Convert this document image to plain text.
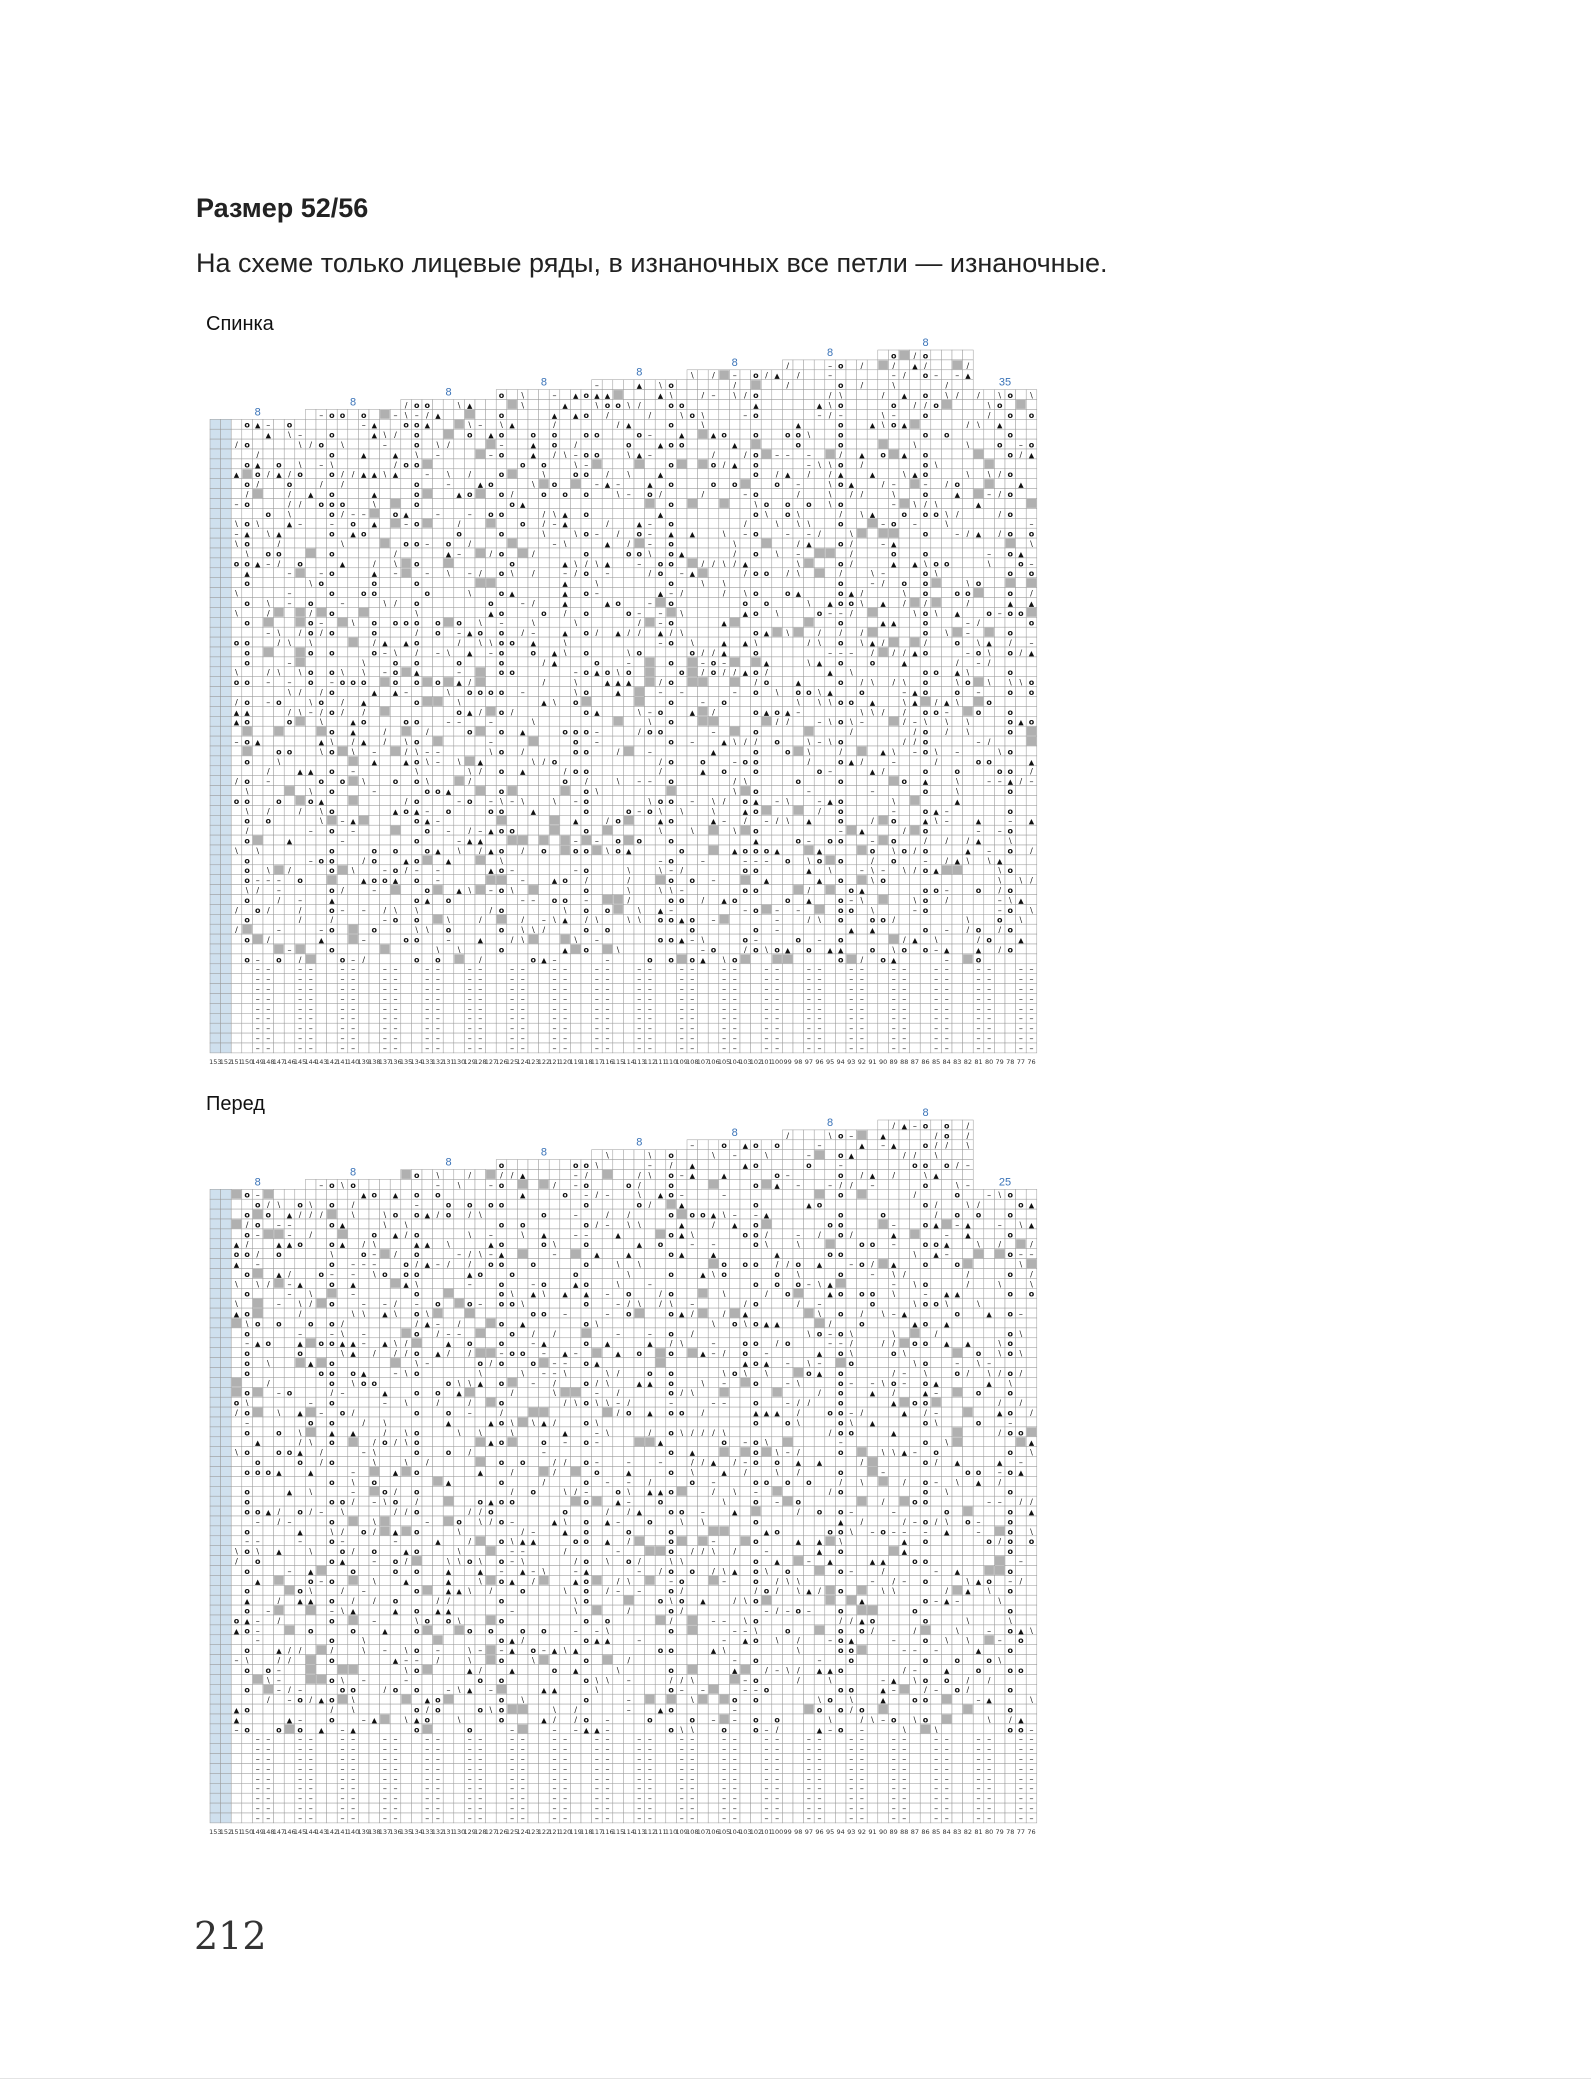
Размер 52/56
На схеме только лицевые ряды, в изнаночных все петли — изнаночные.
Спинка
153
152
/
▲
–
\
–
\
o
\
\
o
\
o
/
▲
▲
–
/
o
\
/
/
151
o
o
o
o
/
o
o
▲
o
\
o
▲
o
o
o
o
o
o
o
o
▲
o
o
o
o
\
o
\
o
/
o
o
o
o
\
o
o
o
o
150
▲
/
▲
o
/
\
▲
▲
\
–
/
o
–
–
–
–
–
–
–
–
–
–
149
–
▲
/
o
\
o
–
\
/
–
/
–
–
/
–
/
o
\
–
/
/
–
–
–
–
–
–
–
–
–
148
o
▲
▲
/
o
/
\
/
\
o
o
\
o
–
–
/
–
o
147
o
\
/
o
/
/
\
▲
–
–
–
\
–
–
\
/
o
o
▲
/
–
146
–
\
\
o
/
–
o
/
\
/
\
▲
/
o
–
/
/
/
–
–
–
–
–
–
–
–
–
145
/
▲
\
o
/
o
o
\
o
o
o
\
–
▲
\
o
–
–
–
–
–
–
–
–
–
–
–
144
–
o
–
/
o
–
o
–
/
/
o
/
\
▲
\
o
▲
\
\
o
–
▲
143
o
o
o
\
o
o
o
o
–
o
o
o
o
o
o
o
o
–
o
o
o
\
o
o
o
o
o
o
o
o
o
▲
o
/
o
o
142
o
\
/
/
o
/
\
▲
–
\
o
/
/
o
–
–
/
–
o
–
–
–
–
–
–
–
–
–
141
/
–
o
▲
\
o
▲
▲
/
\
–
▲
–
\
–
–
–
–
–
–
–
–
–
–
140
o
–
▲
▲
–
o
o
\
\
o
▲
/
o
▲
\
/
▲
–
–
/
139
▲
▲
▲
▲
\
▲
/
▲
o
o
o
o
/
o
▲
–
▲
–
o
o
o
–
o
138
\
–
\
\
▲
–
–
/
/
–
o
/
–
–
–
–
–
–
–
–
–
–
137
–
/
▲
/
▲
o
/
\
–
/
o
\
o
o
o
▲
o
▲
o
o
▲
\
o
–
–
–
–
–
–
–
–
–
136
/
\
o
o
▲
–
o
o
▲
–
o
\
/
▲
/
o
▲
/
o
135
o
–
o
o
o
\
o
o
o
o
o
o
o
o
o
\
o
/
o
/
o
▲
o
o
o
o
\
o
\
o
o
▲
o
o
o
–
o
o
\
o
\
o
o
134
o
/
▲
–
–
–
o
/
–
\
\
o
–
▲
o
o
o
▲
\
–
–
–
–
–
–
–
–
–
133
▲
\
–
–
o
o
–
o
–
–
o
–
▲
–
–
\
o
–
–
–
–
–
–
–
–
–
132
/
\
–
o
▲
\
\
\
–
▲
o
–
▲
o
\
o
–
131
\
▲
/
o
–
o
–
/
o
–
▲
\
o
–
\
–
–
\
▲
\
130
▲
\
o
/
o
–
/
–
\
▲
▲
/
o
▲
o
\
/
o
/
▲
\
–
–
–
–
–
–
–
–
–
129
–
▲
/
\
o
\
o
/
▲
/
–
▲
/
/
▲
/
–
–
–
–
–
–
–
–
–
128
▲
–
o
o
/
o
▲
\
–
o
–
–
\
–
o
▲
▲
▲
–
/
127
o
o
\
o
–
o
o
o
o
o
o
o
o
o
–
o
o
o
o
o
o
o
o
o
o
o
\
o
o
o
\
o
o
o
o
o
126
▲
/
o
o
\
▲
o
o
/
–
o
–
\
/
–
–
–
–
–
–
–
–
–
125
\
\
o
▲
o
–
/
–
▲
/
▲
\
/
–
–
/
\
\
–
–
–
–
–
–
–
–
–
124
o
▲
▲
\
/
/
/
\
–
▲
o
\
\
▲
–
\
o
123
o
\
o
/
/
\
o
/
/
▲
/
o
–
/
▲
122
–
▲
/
o
o
/
o
\
–
–
▲
▲
\
o
\
▲
o
\
–
–
–
–
–
–
–
–
–
–
121
▲
\
o
▲
▲
\
▲
–
▲
▲
▲
/
▲
\
\
o
/
o
o
o
\
▲
▲
–
–
–
–
–
–
–
–
–
120
▲
▲
/
–
\
o
\
\
/
\
–
\
\
o
o
o
o
o
–
▲
–
o
–
\
119
o
o
o
o
–
o
o
o
o
o
/
o
o
o
o
o
o
o
o
o
o
o
/
o
o
o
o
o
o
/
o
–
o
/
o
o
118
–
▲
\
o
o
–
–
\
\
–
/
o
▲
▲
–
–
\
–
\
–
–
–
–
–
–
–
–
–
–
117
▲
o
/
/
▲
/
▲
▲
–
▲
o
▲
/
\
o
o
–
–
–
–
–
–
–
–
–
–
116
o
/
–
\
/
o
▲
\
▲
▲
/
\
o
o
o
\
115
\
▲
o
\
\
–
/
o
o
/
\
–
o
▲
o
▲
\
/
\
/
\
114
▲
/
o
▲
▲
o
o
–
–
/
/
o
\
/
–
–
o
\
\
–
–
–
–
–
–
–
–
–
113
/
–
–
▲
o
–
–
–
\
/
–
–
\
o
–
–
\
o
o
–
–
–
–
–
–
–
–
–
112
\
▲
▲
▲
/
▲
o
o
▲
–
–
▲
–
/
–
o
o
/
/
o
\
▲
\
–
\
\
▲
o
o
111
o
\
o
o
o
o
o
o
o
▲
o
o
o
o
–
o
o
/
o
o
o
o
o
o
o
o
o
o
o
o
–
o
\
o
–
o
o
o
110
o
\
▲
o
▲
–
/
\
\
o
–
\
o
/
–
o
▲
▲
–
–
–
–
–
–
–
–
–
109
\
o
▲
▲
\
o
▲
–
–
\
o
o
o
–
o
–
–
–
–
–
–
–
–
–
108
/
\
\
/
/
\
/
–
/
–
o
▲
–
/
\
–
▲
107
/
–
▲
/
o
o
/
/
o
o
/
–
▲
\
\
▲
–
–
o
106
o
/
\
\
\
/
▲
▲
▲
–
/
o
▲
o
/
–
▲
\
–
–
–
–
–
–
–
–
–
105
–
/
\
▲
▲
o
\
/
/
/
–
\
–
/
\
\
▲
o
o
–
–
–
–
–
–
–
–
–
104
/
–
/
–
/
–
▲
/
\
o
▲
▲
▲
/
o
\
o
▲
/
o
–
o
o
–
o
/
103
o
o
▲
o
o
o
o
o
o
\
o
o
o
o
o
o
o
\
o
o
/
o
o
o
/
o
o
o
o
▲
o
o
▲
o
–
o
o
o
o
–
o
102
/
o
\
o
o
▲
▲
/
o
▲
–
o
–
▲
\
–
–
–
–
–
–
–
–
–
101
▲
–
/
o
\
\
\
\
o
/
o
–
/
▲
–
–
–
o
–
–
–
–
–
–
–
–
–
100
/
/
o
–
▲
o
o
–
/
o
\
▲
/
o
\
\
o
o
▲
99
/
▲
o
o
–
/
\
\
/
–
\
\
▲
▲
o
\
–
o
o
–
o
98
\
–
–
/
o
\
–
▲
\
/
\
o
\
\
/
–
▲
–
\
▲
/
▲
/
o
–
–
–
–
–
–
–
–
–
97
▲
–
\
/
o
/
\
▲
\
\
–
–
o
–
/
▲
o
▲
\
–
–
–
–
–
–
–
–
–
–
96
–
–
/
\
/
\
/
\
\
\
▲
–
–
▲
▲
\
\
\
–
▲
o
\
▲
95
o
o
\
o
–
o
o
o
/
o
▲
o
o
/
o
o
o
/
o
o
o
–
o
/
o
–
o
o
o
o
o
/
o
o
o
o
o
–
o
o
o
o
o
o
o
▲
o
94
▲
/
\
/
/
/
▲
o
/
–
\
o
\
/
▲
o
–
o
▲
–
–
–
–
–
–
–
–
–
93
/
/
▲
/
/
\
/
\
/
\
/
o
\
–
/
▲
–
▲
\
/
–
–
–
–
–
–
–
–
–
92
▲
▲
▲
\
–
▲
/
o
\
▲
\
▲
–
/
–
o
/
\
\
\
o
▲
o
91
/
\
\
o
/
–
–
–
/
▲
▲
/
/
▲
/
–
o
o
o
90
o
/
–
\
o
–
o
–
\
–
o
▲
o
▲
▲
/
/
\
–
\
–
o
o
\
o
/
\
▲
–
–
–
–
–
–
–
–
–
89
/
▲
▲
▲
\
o
o
\
/
/
▲
\
–
\
/
/
/
o
/
o
\
/
o
–
–
–
–
–
–
–
–
–
88
/
▲
/
\
▲
\
–
▲
\
▲
▲
▲
–
/
/
–
/
/
\
–
▲
87
o
/
o
o
/
o
o
o
o
o
–
o
/
o
o
o
\
o
o
o
/
o
o
o
/
o
o
o
o
o
\
o
o
o
o
▲
o
o
▲
o
/
o
–
o
o
o
o
o
o
86
–
o
\
\
o
o
\
\
o
/
o
\
/
▲
\
▲
o
\
–
–
–
–
–
–
–
–
–
–
85
/
\
o
/
\
\
o
\
▲
–
\
/
–
–
/
/
–
/
–
▲
–
–
–
–
–
–
–
–
–
–
84
–
/
o
▲
/
–
o
▲
o
/
▲
\
o
\
–
o
\
\
▲
▲
83
/
▲
/
\
\
/
\
o
/
–
–
–
\
o
\
\
/
▲
\
\
/
82
/
\
▲
▲
o
/
\
o
–
–
o
–
o
▲
–
▲
o
o
/
▲
o
–
–
–
–
–
–
–
–
–
81
\
/
\
–
–
\
o
▲
\
/
\
o
/
o
–
–
\
o
–
–
–
–
–
–
–
–
–
80
\
o
▲
o
/
/
/
/
–
\
o
–
–
▲
\
\
/
–
–
o
/
/
79
o
o
o
o
o
o
o
o
o
o
o
▲
o
o
/
o
o
\
o
o
o
o
o
o
▲
o
o
–
o
\
o
o
o
\
o
o
o
78
–
/
▲
▲
o
o
/
\
▲
/
\
▲
\
▲
–
–
–
–
–
–
–
–
–
77
\
o
o
▲
–
o
\
–
o
/
▲
o
–
▲
o
o
o
▲
/
–
▲
/
/
\
–
–
–
–
–
–
–
–
–
76
8
8
8
8
8
8
8
8
35
Перед
153
152
▲
o
▲
\
\
▲
o
/
\
\
/
o
▲
–
▲
▲
–
151
o
o
/
o
/
o
o
o
o
\
o
–
o
o
o
o
\
o
–
o
o
o
o
o
o
o
–
o
o
o
▲
o
▲
o
o
\
o
o
o
o
150
–
o
o
–
/
–
\
o
▲
▲
o
o
o
–
–
\
o
▲
–
–
–
–
–
–
–
–
–
–
–
–
149
/
o
/
o
\
/
o
▲
–
o
\
/
–
–
–
–
–
–
–
–
–
148
\
–
▲
o
▲
–
o
–
\
o
o
▲
/
/
▲
/
/
▲
/
–
–
–
o
147
▲
–
–
▲
/
–
–
o
o
▲
–
–
/
/
/
–
▲
146
o
/
o
▲
\
/
–
▲
o
▲
\
/
▲
o
o
▲
–
o
▲
/
–
o
–
o
–
–
–
–
–
–
–
–
–
145
\
/
/
\
/
o
▲
–
o
\
▲
\
/
\
▲
o
\
▲
o
/
–
–
–
–
–
–
–
–
–
144
–
/
o
o
o
–
/
/
–
–
▲
▲
143
o
o
o
o
\
o
–
o
o
o
–
o
o
o
o
/
o
o
▲
o
o
o
o
o
\
o
o
o
o
–
o
o
/
o
o
o
/
o
142
\
▲
▲
/
\
▲
\
–
o
o
\
/
–
o
▲
/
\
\
o
–
–
–
–
–
–
–
–
–
–
141
o
/
\
–
–
▲
–
\
▲
▲
o
\
/
▲
–
\
–
/
/
o
/
▲
o
o
\
\
▲
–
–
–
–
–
–
–
–
–
140
▲
/
o
–
–
\
–
–
▲
o
/
–
o
–
\
\
–
–
139
o
o
\
–
–
\
/
o
/
\
\
o
–
\
/
o
–
\
/
–
▲
138
\
\
o
–
▲
▲
▲
–
\
/
o
o
\
▲
–
/
–
–
–
–
–
–
–
–
–
137
▲
o
▲
/
/
\
\
/
–
/
▲
/
o
/
▲
–
o
o
o
▲
▲
o
–
–
–
–
–
–
–
–
–
136
\
/
o
o
▲
/
/
\
\
\
\
\
/
▲
/
▲
\
–
\
–
\
135
o
o
–
o
o
▲
o
/
o
\
o
–
o
/
o
o
\
o
o
o
o
o
o
o
o
/
o
o
o
o
o
o
\
o
o
–
o
o
o
▲
o
134
▲
▲
▲
\
▲
–
/
–
o
▲
/
o
–
–
–
–
–
–
–
–
–
133
\
–
o
/
–
o
–
/
▲
o
/
▲
/
▲
–
/
o
o
–
–
–
–
–
–
–
–
–
132
o
o
\
/
–
▲
/
o
o
▲
o
▲
\
▲
▲
▲
/
▲
o
–
131
\
–
/
–
\
▲
\
o
\
\
\
▲
\
\
\
130
/
o
/
\
/
/
▲
–
o
o
/
\
/
–
/
/
/
o
\
o
\
\
▲
▲
o
–
–
–
–
–
–
–
–
–
129
\
\
o
–
o
\
▲
\
▲
o
/
\
\
▲
\
–
/
o
o
–
–
–
–
–
–
–
–
–
128
–
o
–
▲
–
o
/
▲
▲
▲
o
/
/
o
–
\
127
o
/
o
o
o
o
▲
o
o
o
o
o
o
–
o
o
o
/
o
o
o
o
o
o
o
o
–
o
o
o
o
–
o
o
o
o
o
126
/
o
\
o
o
o
/
\
\
/
/
o
–
\
–
–
▲
–
▲
▲
▲
–
–
–
–
–
–
–
–
–
–
125
▲
▲
o
\
\
▲
o
\
o
/
▲
–
\
▲
o
o
/
\
–
–
–
–
–
–
–
–
–
124
o
–
▲
o
/
–
o
–
\
o
–
▲
–
/
o
\
123
o
▲
o
o
\
o
▲
–
–
▲
o
–
/
\
o
–
▲
▲
122
/
\
–
/
–
–
/
\
/
/
/
▲
▲
o
▲
\
/
–
–
–
–
–
–
–
–
–
–
121
o
▲
–
▲
–
\
/
▲
–
/
\
o
\
▲
/
\
\
–
–
–
–
–
–
–
–
–
120
o
–
–
–
–
o
▲
–
\
/
o
/
–
▲
\
\
–
▲
▲
/
/
–
119
o
/
o
–
o
o
–
o
o
o
▲
o
o
o
o
o
o
o
o
o
o
–
o
o
o
o
o
▲
o
o
o
o
o
o
o
o
o
▲
118
\
/
/
▲
\
▲
/
–
\
\
–
–
–
o
–
▲
\
\
▲
–
–
–
–
–
–
–
–
–
117
\
–
/
–
–
–
▲
\
\
\
\
–
/
▲
▲
\
/
o
\
▲
\
–
–
–
–
–
–
–
–
–
–
–
116
▲
\
\
–
–
▲
/
/
–
/
o
▲
–
–
/
–
\
115
o
/
\
▲
\
o
/
o
/
o
–
▲
–
\
–
/
o
/
o
\
/
/
–
–
–
114
/
/
\
o
\
▲
\
\
o
▲
▲
/
–
–
–
–
–
–
–
–
–
–
–
–
113
\
–
\
/
–
–
▲
o
▲
▲
/
/
▲
o
o
–
–
–
–
–
–
–
–
–
112
▲
o
/
/
▲
–
▲
o
/
o
o
▲
111
o
/
o
o
o
o
o
o
o
o
\
o
o
/
o
o
o
o
–
o
o
o
o
o
o
o
o
o
\
o
–
o
\
o
/
o
o
o
/
o
o
o
110
–
–
▲
▲
▲
▲
▲
\
/
o
\
o
\
\
o
/
o
/
/
–
\
–
–
–
–
–
–
–
–
–
109
–
▲
▲
o
\
–
–
/
/
\
/
▲
/
\
o
/
o
\
\
o
\
–
–
–
–
–
–
–
–
–
108
o
▲
▲
\
/
/
/
–
\
/
▲
–
107
\
▲
/
–
▲
\
\
–
–
–
/
▲
–
/
–
\
/
–
▲
–
106
o
▲
–
\
o
o
\
/
/
\
–
–
\
o
▲
\
\
–
–
–
\
o
–
–
–
–
–
–
–
–
–
105
–
–
▲
o
o
/
\
▲
/
▲
/
–
–
▲
o
–
–
–
–
–
–
–
–
–
–
–
104
▲
▲
o
o
/
▲
\
o
o
▲
\
–
–
/
\
\
–
▲
–
–
103
o
o
o
o
–
o
o
o
o
o
o
o
o
o
o
o
▲
o
o
o
o
o
–
o
o
o
o
o
o
/
o
o
\
o
o
o
–
o
o
o
102
\
▲
/
\
/
▲
–
▲
\
▲
\
o
▲
–
\
o
–
/
o
–
–
–
–
–
–
–
–
–
–
101
o
o
▲
▲
/
o
o
▲
/
▲
\
o
\
–
o
▲
/
/
/
\
–
o
/
–
–
–
–
–
–
–
–
–
100
/
–
/
o
o
–
–
–
o
–
o
o
\
–
o
\
99
–
–
\
o
\
o
/
\
/
/
\
/
▲
/
o
/
▲
\
\
o
/
\
/
/
98
–
o
▲
–
\
\
o
/
o
–
▲
–
–
–
–
–
–
–
–
–
–
97
–
o
/
▲
\
–
\
o
▲
–
▲
/
▲
o
▲
▲
/
–
▲
\
o
▲
–
–
–
–
–
–
–
–
–
96
\
–
o
o
▲
▲
/
–
–
o
/
/
o
▲
–
▲
\
o
\
–
95
o
o
–
o
/
o
o
o
o
o
o
o
o
o
–
o
o
o
o
o
o
o
o
–
o
o
/
o
o
▲
o
\
o
o
o
o
/
o
o
o
o
o
o
o
94
–
▲
/
/
–
\
/
\
o
–
–
\
o
–
\
–
/
▲
o
o
o
\
/
–
–
–
–
–
–
–
–
–
93
▲
/
o
o
o
/
o
/
/
\
/
▲
▲
o
o
/
–
–
–
–
–
–
–
–
–
–
92
▲
–
o
/
–
o
o
–
▲
▲
–
▲
–
o
/
\
91
▲
–
o
\
/
\
\
–
/
o
▲
/
\
–
▲
▲
–
90
/
▲
/
–
▲
–
▲
\
–
\
–
\
/
o
/
o
/
▲
▲
\
–
–
/
\
–
▲
–
o
–
–
–
–
–
–
–
–
–
89
▲
/
/
▲
\
–
–
▲
▲
/
/
–
▲
▲
–
–
/
\
–
–
–
–
–
–
–
–
–
88
–
/
o
/
\
\
\
▲
o
\
o
–
o
–
o
o
/
–
–
\
o
\
87
o
o
o
\
o
o
o
o
o
o
–
o
o
o
o
\
o
▲
o
/
o
o
o
o
o
o
o
–
o
o
o
o
o
o
o
o
/
o
o
86
/
/
\
▲
/
/
▲
o
▲
o
/
▲
–
–
\
o
/
–
/
–
–
–
–
\
–
–
–
–
–
–
–
–
–
85
o
o
/
o
–
▲
–
▲
\
▲
▲
\
\
o
\
▲
/
▲
\
▲
o
–
–
–
–
–
–
–
–
–
84
/
\
o
o
–
o
▲
o
–
o
▲
\
▲
–
\
o
o
83
/
/
\
–
–
\
▲
▲
/
/
▲
/
o
o
\
▲
\
\
/
/
82
/
o
\
\
o
\
o
o
o
▲
–
–
▲
▲
o
–
–
–
–
–
–
–
–
–
–
81
–
▲
–
\
▲
–
o
o
\
–
o
/
▲
\
–
–
–
–
–
–
–
–
–
80
\
–
/
\
\
\
/
/
▲
/
▲
–
/
–
/
\
–
\
79
o
o
o
o
o
o
o
o
o
o
o
\
o
o
–
o
o
o
o
o
o
o
o
o
o
–
o
o
\
o
o
o
o
o
/
o
78
o
\
–
\
–
\
\
/
/
o
–
▲
/
–
/
▲
o
o
▲
o
–
–
–
–
–
–
–
–
–
77
▲
▲
/
–
/
\
o
/
▲
\
/
▲
\
o
\
\
–
–
–
–
–
–
–
–
–
–
76
8
8
8
8
8
8
8
8
25
212
